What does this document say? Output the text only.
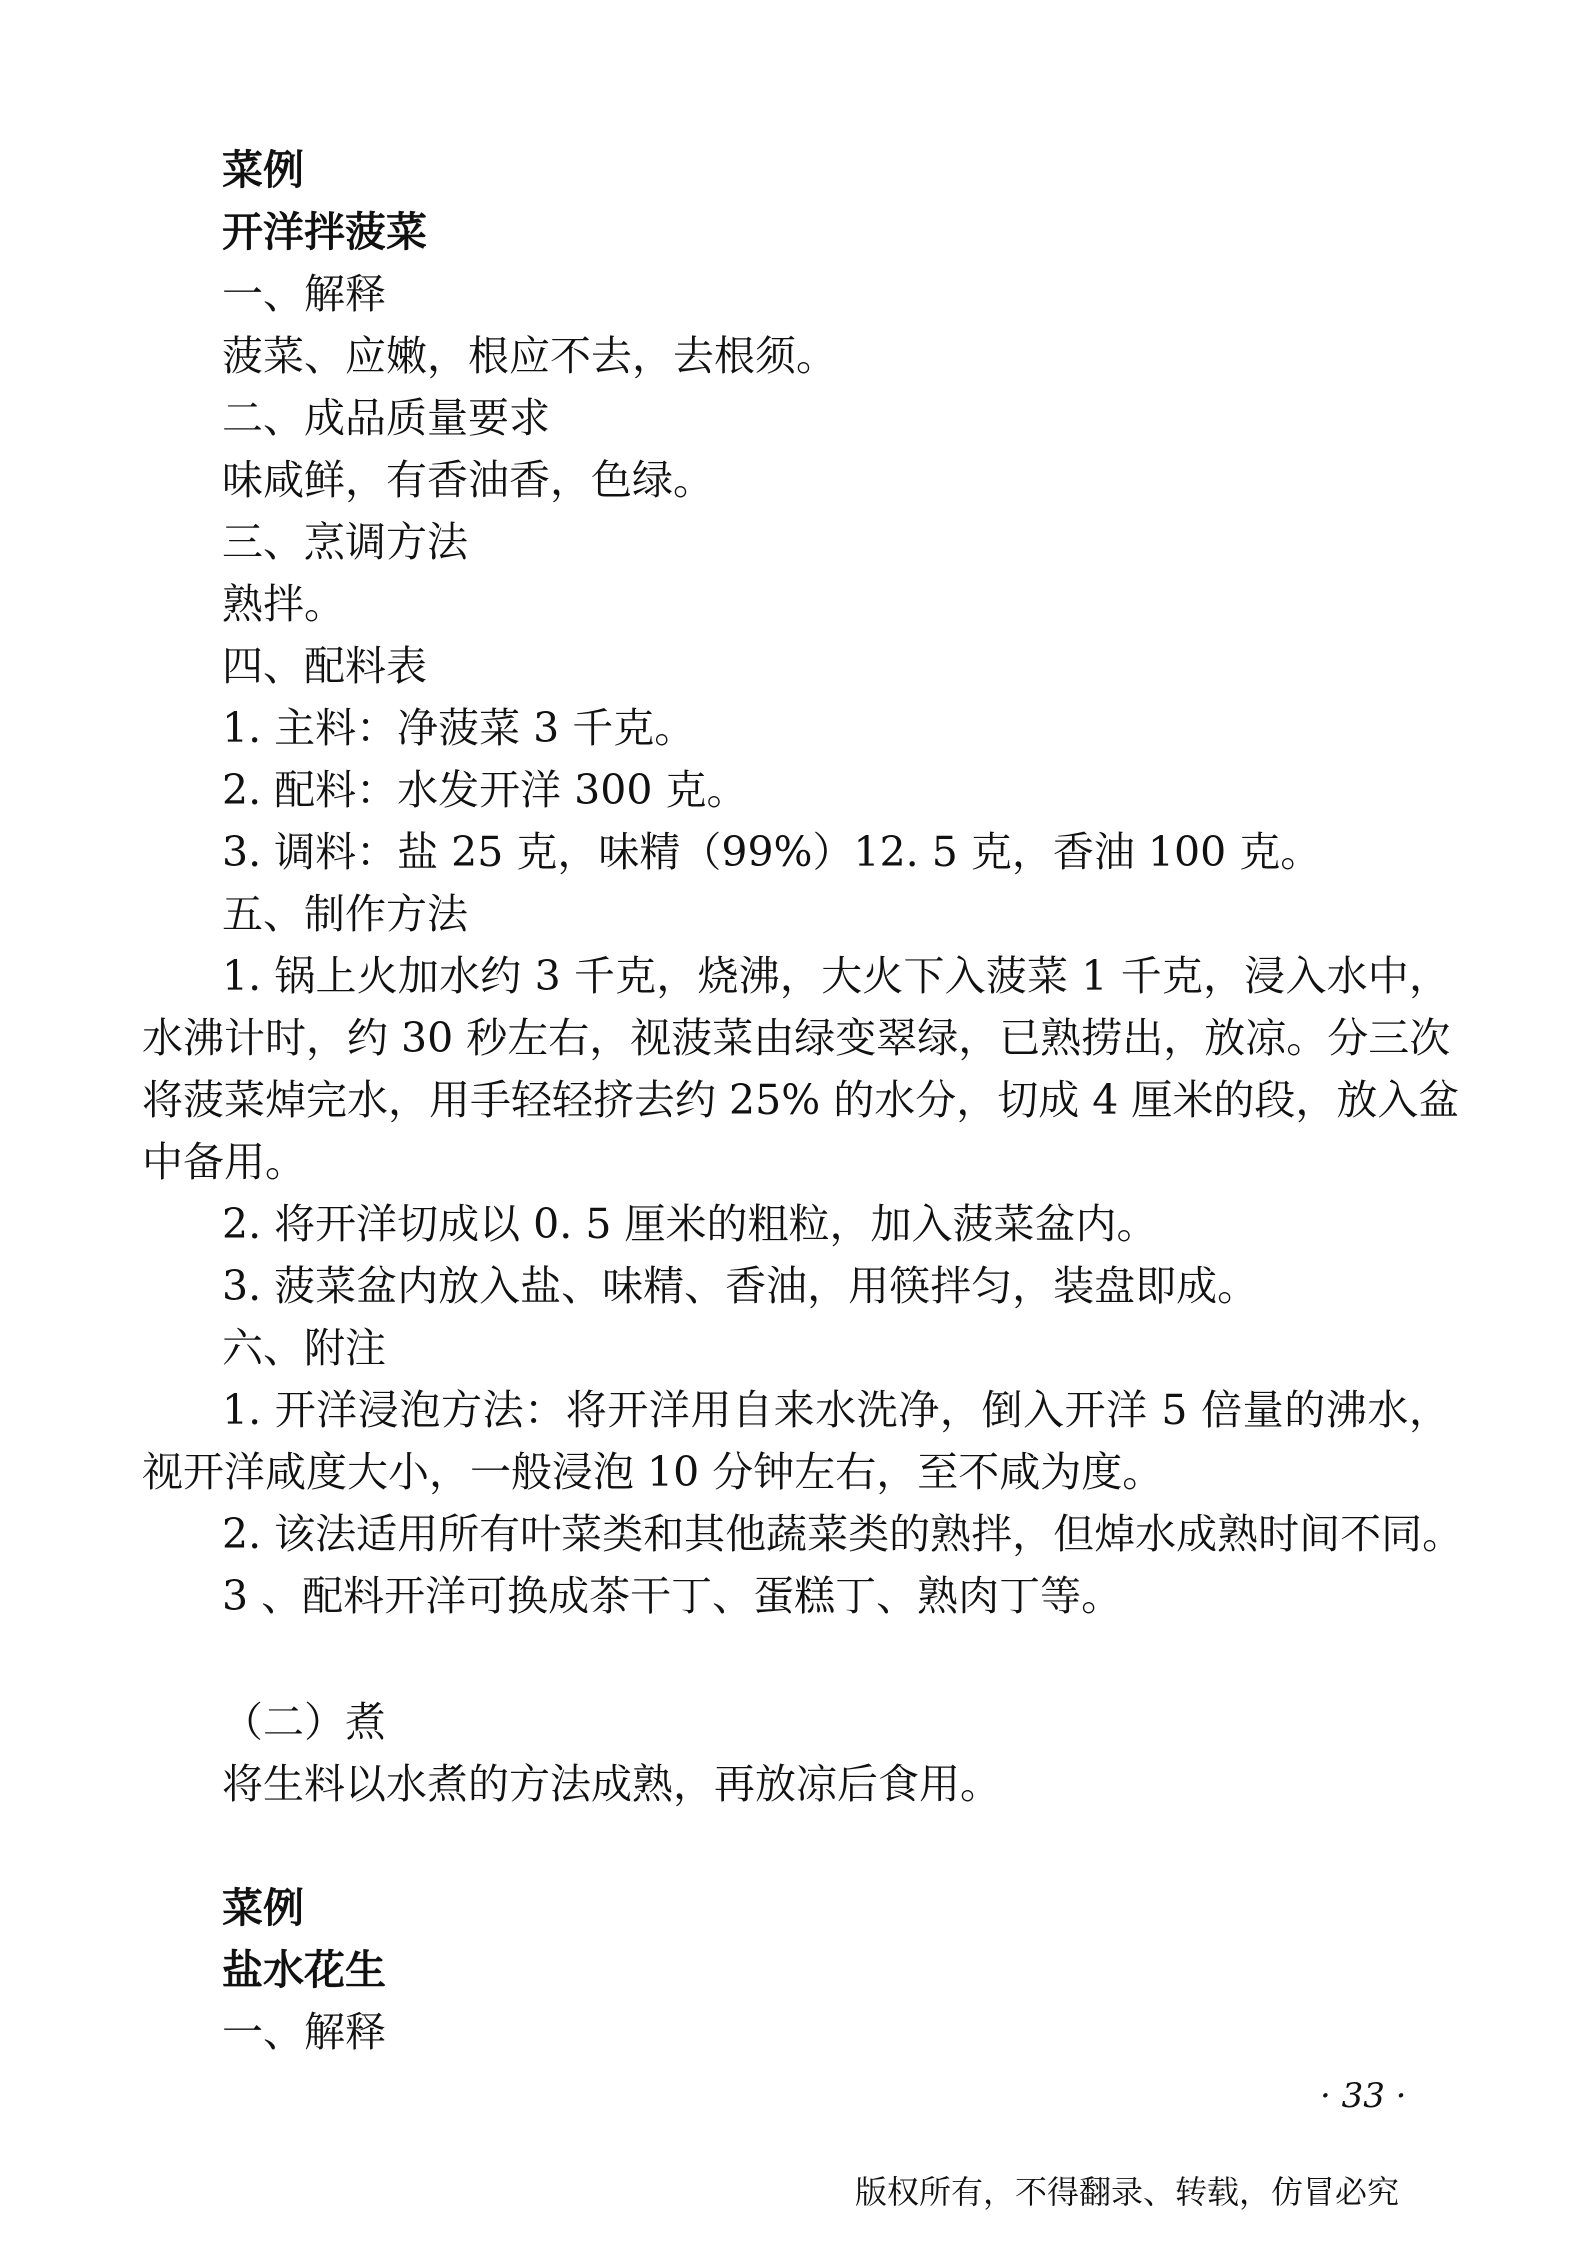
菜例
开洋拌菠菜
一、解释
菠菜、应嫩，根应不去，去根须。
二、成品质量要求
味咸鲜，有香油香，色绿。
三、烹调方法
熟拌。
四、配料表
1. 主料：净菠菜 3 千克。
2. 配料：水发开洋 300 克。
3. 调料：盐 25 克，味精（99%）12. 5 克，香油 100 克。
五、制作方法
1. 锅上火加水约 3 千克，烧沸，大火下入菠菜 1 千克，浸入水中，
水沸计时，约 30 秒左右，视菠菜由绿变翠绿，已熟捞出，放凉。分三次
将菠菜焯完水，用手轻轻挤去约 25% 的水分，切成 4 厘米的段，放入盆
中备用。
2. 将开洋切成以 0. 5 厘米的粗粒，加入菠菜盆内。
3. 菠菜盆内放入盐、味精、香油，用筷拌匀，装盘即成。
六、附注
1. 开洋浸泡方法：将开洋用自来水洗净，倒入开洋 5 倍量的沸水，
视开洋咸度大小，一般浸泡 10 分钟左右，至不咸为度。
2. 该法适用所有叶菜类和其他蔬菜类的熟拌，但焯水成熟时间不同。
3 、配料开洋可换成茶干丁、蛋糕丁、熟肉丁等。
（二）煮
将生料以水煮的方法成熟，再放凉后食用。
菜例
盐水花生
一、解释
· 33 ·
版权所有，不得翻录、转载，仿冒必究
